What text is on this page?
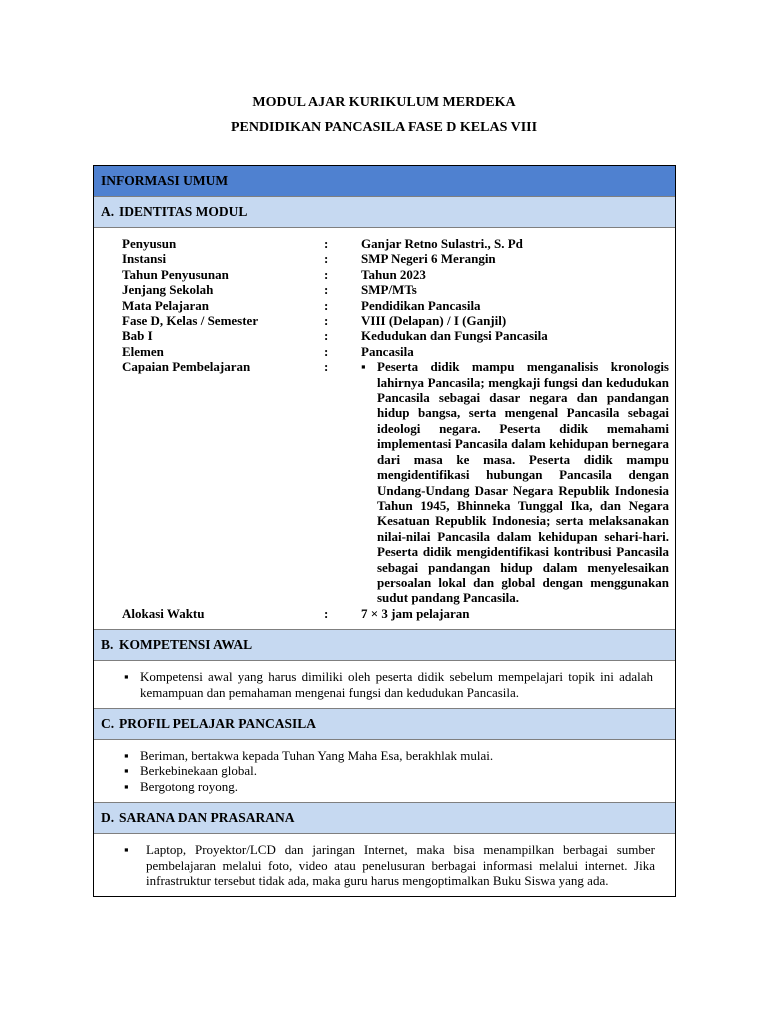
MODUL AJAR KURIKULUM MERDEKA
PENDIDIKAN PANCASILA FASE D KELAS VIII
INFORMASI UMUM
A. IDENTITAS MODUL
Penyusun	:	Ganjar Retno Sulastri., S. Pd
Instansi	:	SMP Negeri 6 Merangin
Tahun Penyusunan	:	Tahun 2023
Jenjang Sekolah	:	SMP/MTs
Mata Pelajaran	:	Pendidikan Pancasila
Fase D, Kelas / Semester	:	VIII (Delapan) / I (Ganjil)
Bab I	:	Kedudukan dan Fungsi Pancasila
Elemen	:	Pancasila
Capaian Pembelajaran	:	▪ Peserta didik mampu menganalisis kronologis lahirnya Pancasila; mengkaji fungsi dan kedudukan Pancasila sebagai dasar negara dan pandangan hidup bangsa, serta mengenal Pancasila sebagai ideologi negara. Peserta didik memahami implementasi Pancasila dalam kehidupan bernegara dari masa ke masa. Peserta didik mampu mengidentifikasi hubungan Pancasila dengan Undang-Undang Dasar Negara Republik Indonesia Tahun 1945, Bhinneka Tunggal Ika, dan Negara Kesatuan Republik Indonesia; serta melaksanakan nilai-nilai Pancasila dalam kehidupan sehari-hari. Peserta didik mengidentifikasi kontribusi Pancasila sebagai pandangan hidup dalam menyelesaikan persoalan lokal dan global dengan menggunakan sudut pandang Pancasila.
Alokasi Waktu	:	7 × 3 jam pelajaran
B. KOMPETENSI AWAL
▪ Kompetensi awal yang harus dimiliki oleh peserta didik sebelum mempelajari topik ini adalah kemampuan dan pemahaman mengenai fungsi dan kedudukan Pancasila.
C. PROFIL PELAJAR PANCASILA
▪ Beriman, bertakwa kepada Tuhan Yang Maha Esa, berakhlak mulai.
▪ Berkebinekaan global.
▪ Bergotong royong.
D. SARANA DAN PRASARANA
▪	Laptop, Proyektor/LCD dan jaringan Internet, maka bisa menampilkan berbagai sumber pembelajaran melalui foto, video atau penelusuran berbagai informasi melalui internet. Jika infrastruktur tersebut tidak ada, maka guru harus mengoptimalkan Buku Siswa yang ada.
